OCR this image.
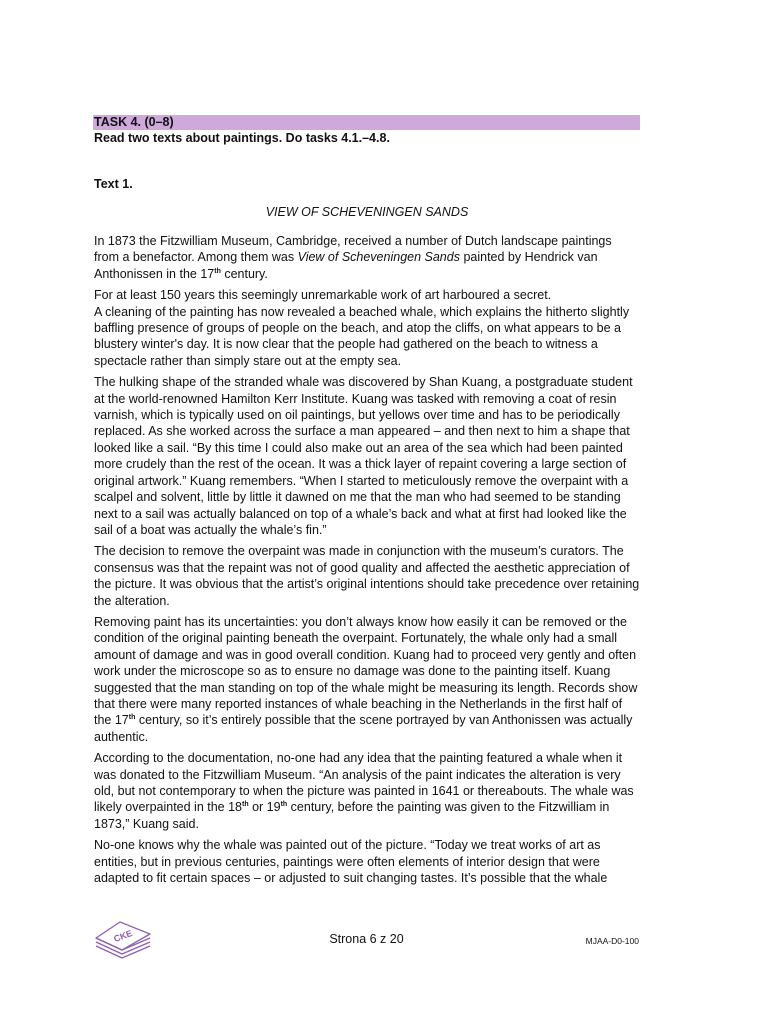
TASK 4. (0–8)
Read two texts about paintings. Do tasks 4.1.–4.8.
Text 1.
VIEW OF SCHEVENINGEN SANDS

In 1873 the Fitzwilliam Museum, Cambridge, received a number of Dutch landscape paintings from a benefactor. Among them was View of Scheveningen Sands painted by Hendrick van Anthonissen in the 17th century.

For at least 150 years this seemingly unremarkable work of art harboured a secret.
A cleaning of the painting has now revealed a beached whale, which explains the hitherto slightly baffling presence of groups of people on the beach, and atop the cliffs, on what appears to be a blustery winter's day. It is now clear that the people had gathered on the beach to witness a spectacle rather than simply stare out at the empty sea.

The hulking shape of the stranded whale was discovered by Shan Kuang, a postgraduate student at the world-renowned Hamilton Kerr Institute. Kuang was tasked with removing a coat of resin varnish, which is typically used on oil paintings, but yellows over time and has to be periodically replaced. As she worked across the surface a man appeared – and then next to him a shape that looked like a sail. “By this time I could also make out an area of the sea which had been painted more crudely than the rest of the ocean. It was a thick layer of repaint covering a large section of original artwork.” Kuang remembers. “When I started to meticulously remove the overpaint with a scalpel and solvent, little by little it dawned on me that the man who had seemed to be standing next to a sail was actually balanced on top of a whale’s back and what at first had looked like the sail of a boat was actually the whale’s fin.”

The decision to remove the overpaint was made in conjunction with the museum’s curators. The consensus was that the repaint was not of good quality and affected the aesthetic appreciation of the picture. It was obvious that the artist’s original intentions should take precedence over retaining the alteration.

Removing paint has its uncertainties: you don’t always know how easily it can be removed or the condition of the original painting beneath the overpaint. Fortunately, the whale only had a small amount of damage and was in good overall condition. Kuang had to proceed very gently and often work under the microscope so as to ensure no damage was done to the painting itself. Kuang suggested that the man standing on top of the whale might be measuring its length. Records show that there were many reported instances of whale beaching in the Netherlands in the first half of the 17th century, so it’s entirely possible that the scene portrayed by van Anthonissen was actually authentic.

According to the documentation, no-one had any idea that the painting featured a whale when it was donated to the Fitzwilliam Museum. “An analysis of the paint indicates the alteration is very old, but not contemporary to when the picture was painted in 1641 or thereabouts. The whale was likely overpainted in the 18th or 19th century, before the painting was given to the Fitzwilliam in 1873,” Kuang said.

No-one knows why the whale was painted out of the picture. “Today we treat works of art as entities, but in previous centuries, paintings were often elements of interior design that were adapted to fit certain spaces – or adjusted to suit changing tastes. It’s possible that the whale

CKE	Strona 6 z 20	MJAA-D0-100
